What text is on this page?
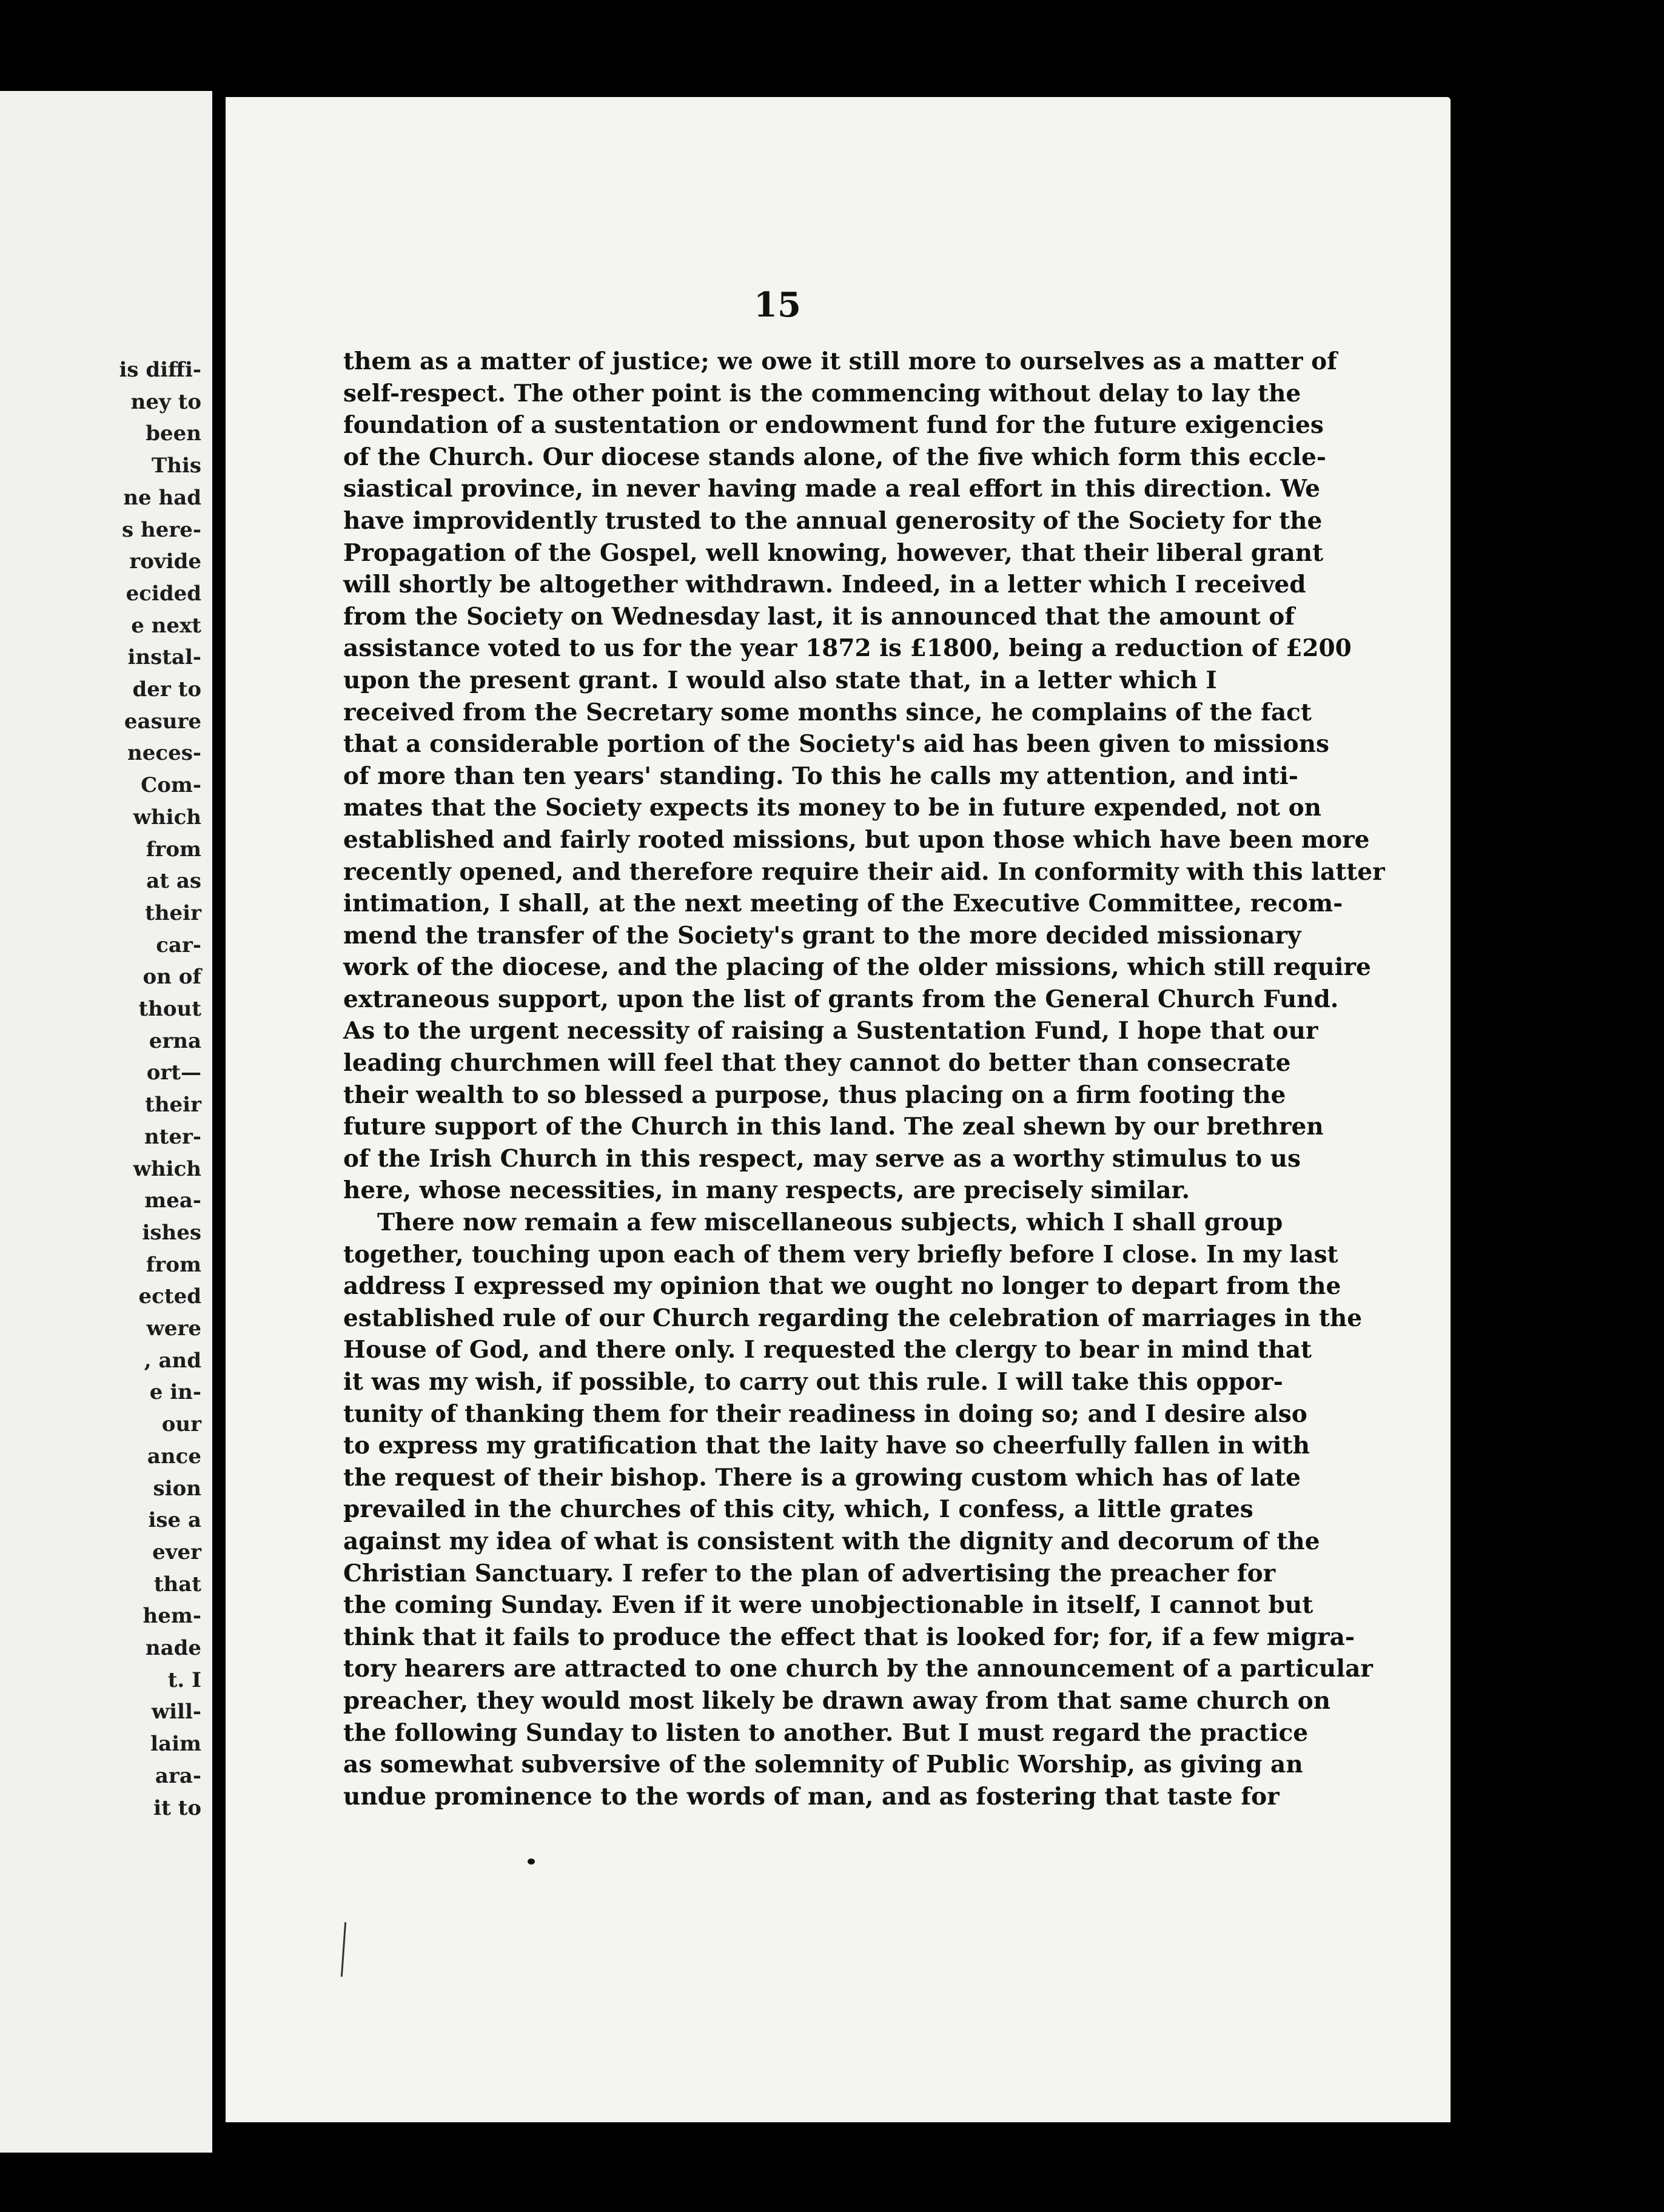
is diffi-
ney to
been
This
ne had
s here-
rovide
ecided
e next
instal-
der to
easure
neces-
Com-
which
from
at as
their
car-
on of
thout
erna
ort—
their
nter-
which
mea-
ishes
from
ected
were
, and
e in-
our
ance
sion
ise a
ever
that
hem-
nade
t. I
will-
laim
ara-
it to
15
them as a matter of justice; we owe it still more to ourselves as a matter of
self-respect. The other point is the commencing without delay to lay the
foundation of a sustentation or endowment fund for the future exigencies
of the Church. Our diocese stands alone, of the five which form this eccle-
siastical province, in never having made a real effort in this direction. We
have improvidently trusted to the annual generosity of the Society for the
Propagation of the Gospel, well knowing, however, that their liberal grant
will shortly be altogether withdrawn. Indeed, in a letter which I received
from the Society on Wednesday last, it is announced that the amount of
assistance voted to us for the year 1872 is £1800, being a reduction of £200
upon the present grant. I would also state that, in a letter which I
received from the Secretary some months since, he complains of the fact
that a considerable portion of the Society's aid has been given to missions
of more than ten years' standing. To this he calls my attention, and inti-
mates that the Society expects its money to be in future expended, not on
established and fairly rooted missions, but upon those which have been more
recently opened, and therefore require their aid. In conformity with this latter
intimation, I shall, at the next meeting of the Executive Committee, recom-
mend the transfer of the Society's grant to the more decided missionary
work of the diocese, and the placing of the older missions, which still require
extraneous support, upon the list of grants from the General Church Fund.
As to the urgent necessity of raising a Sustentation Fund, I hope that our
leading churchmen will feel that they cannot do better than consecrate
their wealth to so blessed a purpose, thus placing on a firm footing the
future support of the Church in this land. The zeal shewn by our brethren
of the Irish Church in this respect, may serve as a worthy stimulus to us
here, whose necessities, in many respects, are precisely similar.
There now remain a few miscellaneous subjects, which I shall group
together, touching upon each of them very briefly before I close. In my last
address I expressed my opinion that we ought no longer to depart from the
established rule of our Church regarding the celebration of marriages in the
House of God, and there only. I requested the clergy to bear in mind that
it was my wish, if possible, to carry out this rule. I will take this oppor-
tunity of thanking them for their readiness in doing so; and I desire also
to express my gratification that the laity have so cheerfully fallen in with
the request of their bishop. There is a growing custom which has of late
prevailed in the churches of this city, which, I confess, a little grates
against my idea of what is consistent with the dignity and decorum of the
Christian Sanctuary. I refer to the plan of advertising the preacher for
the coming Sunday. Even if it were unobjectionable in itself, I cannot but
think that it fails to produce the effect that is looked for; for, if a few migra-
tory hearers are attracted to one church by the announcement of a particular
preacher, they would most likely be drawn away from that same church on
the following Sunday to listen to another. But I must regard the practice
as somewhat subversive of the solemnity of Public Worship, as giving an
undue prominence to the words of man, and as fostering that taste for
